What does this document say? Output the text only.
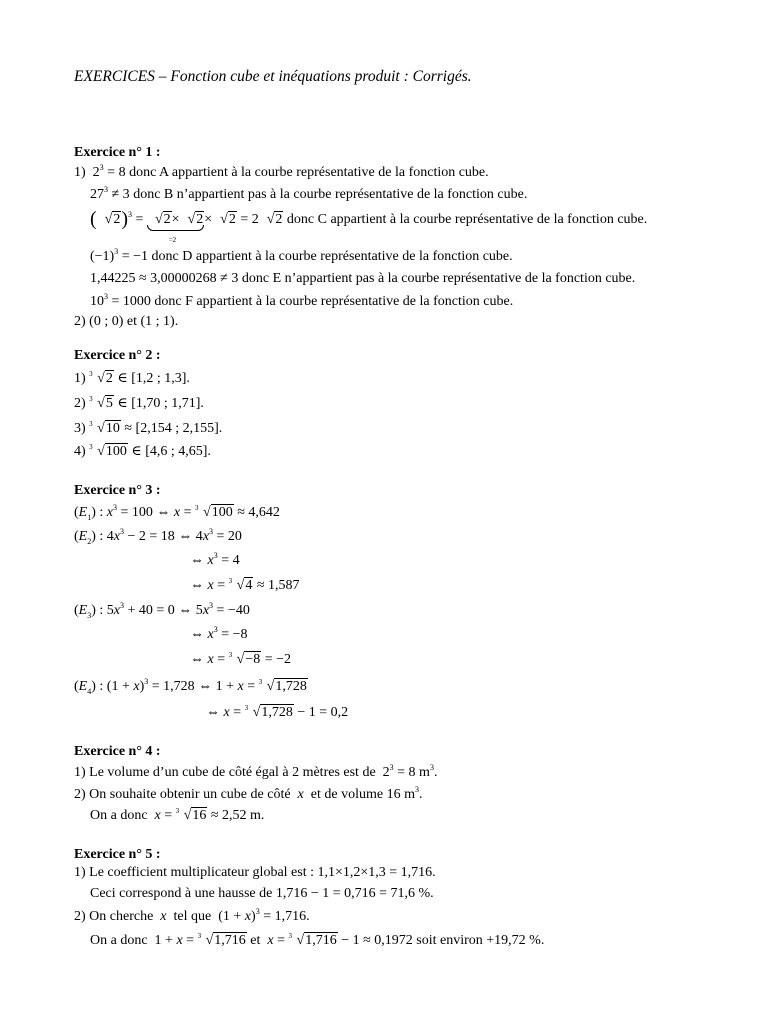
EXERCICES – Fonction cube et inéquations produit : Corrigés.
Exercice n° 1 :
1)  $2^3 = 8$ donc A appartient à la courbe représentative de la fonction cube.
$27^3 \ne 3$ donc B n’appartient pas à la courbe représentative de la fonction cube.
( √2)$^3$ = √2× √2
=2
× √2 = 2 √2 donc C appartient à la courbe représentative de la fonction cube.
$(-1)^3 = -1$ donc D appartient à la courbe représentative de la fonction cube.
1,44225 ≈ 3,00000268 ≠ 3 donc E n’appartient pas à la courbe représentative de la fonction cube.
$10^3 = 1000$ donc F appartient à la courbe représentative de la fonction cube.
2) (0 ; 0) et (1 ; 1).
Exercice n° 2 :
1) 3 √2 ∈ [1,2 ; 1,3].
2) 3 √5 ∈ [1,70 ; 1,71].
3) 3 √10 ≈ [2,154 ; 2,155].
4) 3 √100 ∈ [4,6 ; 4,65].
Exercice n° 3 :
$(E_1)$ : $x^3 = 100$ ⇔ x = 3 √100 ≈ 4,642
$(E_2)$ : $4x^3 - 2 = 18$ ⇔ $4x^3 = 20$
⇔ $x^3 = 4$
⇔ x = 3 √4 ≈ 1,587
$(E_3)$ : $5x^3 + 40 = 0$ ⇔ $5x^3 = -40$
⇔ $x^3 = -8$
⇔ x = 3 √−8 = −2
$(E_4)$ : $(1 + x)^3 = 1,728$ ⇔ 1 + x = 3 √1,728
⇔ x = 3 √1,728 − 1 = 0,2
Exercice n° 4 :
1) Le volume d’un cube de côté égal à 2 mètres est de  $2^3 = 8$ $m^3$.
2) On souhaite obtenir un cube de côté  x  et de volume 16 $m^3$.
On a donc x = 3 √16 ≈ 2,52 m.
Exercice n° 5 :
1) Le coefficient multiplicateur global est : 1,1×1,2×1,3 = 1,716.
Ceci correspond à une hausse de 1,716 − 1 = 0,716 = 71,6 %.
2) On cherche  x  tel que  $(1 + x)^3 = 1,716$.
On a donc  1 + x = 3 √1,716 et x = 3 √1,716 − 1 ≈ 0,1972 soit environ +19,72 %.
